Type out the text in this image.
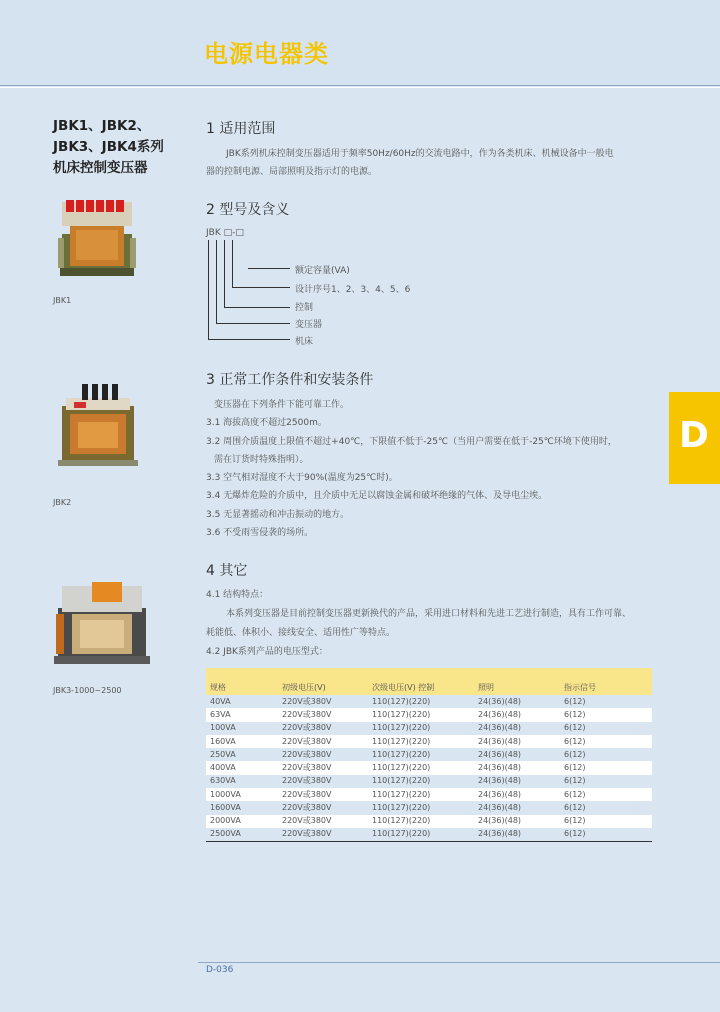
电源电器类
D
JBK1、JBK2、
JBK3、JBK4系列
机床控制变压器
JBK1
JBK2
JBK3-1000~2500
1 适用范围
JBK系列机床控制变压器适用于频率50Hz/60Hz的交流电路中，作为各类机床、机械设备中一般电
器的控制电源、局部照明及指示灯的电源。
2 型号及含义
JBK □-□
额定容量(VA)
设计序号1、2、3、4、5、6
控制
变压器
机床
3 正常工作条件和安装条件
变压器在下列条件下能可靠工作。
3.1 海拔高度不超过2500m。
3.2 周围介质温度上限值不超过+40℃，下限值不低于-25℃（当用户需要在低于-25℃环境下使用时，
需在订货时特殊指明）。
3.3 空气相对湿度不大于90%(温度为25℃时)。
3.4 无爆炸危险的介质中，且介质中无足以腐蚀金属和破坏绝缘的气体、及导电尘埃。
3.5 无显著摇动和冲击振动的地方。
3.6 不受雨雪侵袭的场所。
4 其它
4.1 结构特点：
本系列变压器是目前控制变压器更新换代的产品，采用进口材料和先进工艺进行制造，具有工作可靠、
耗能低、体积小、接线安全、适用性广等特点。
4.2 JBK系列产品的电压型式：
规格	初级电压(V)	次级电压(V) 控制	照明	指示信号
40VA	220V或380V	110(127)(220)	24(36)(48)	6(12)
63VA	220V或380V	110(127)(220)	24(36)(48)	6(12)
100VA	220V或380V	110(127)(220)	24(36)(48)	6(12)
160VA	220V或380V	110(127)(220)	24(36)(48)	6(12)
250VA	220V或380V	110(127)(220)	24(36)(48)	6(12)
400VA	220V或380V	110(127)(220)	24(36)(48)	6(12)
630VA	220V或380V	110(127)(220)	24(36)(48)	6(12)
1000VA	220V或380V	110(127)(220)	24(36)(48)	6(12)
1600VA	220V或380V	110(127)(220)	24(36)(48)	6(12)
2000VA	220V或380V	110(127)(220)	24(36)(48)	6(12)
2500VA	220V或380V	110(127)(220)	24(36)(48)	6(12)
D-036
